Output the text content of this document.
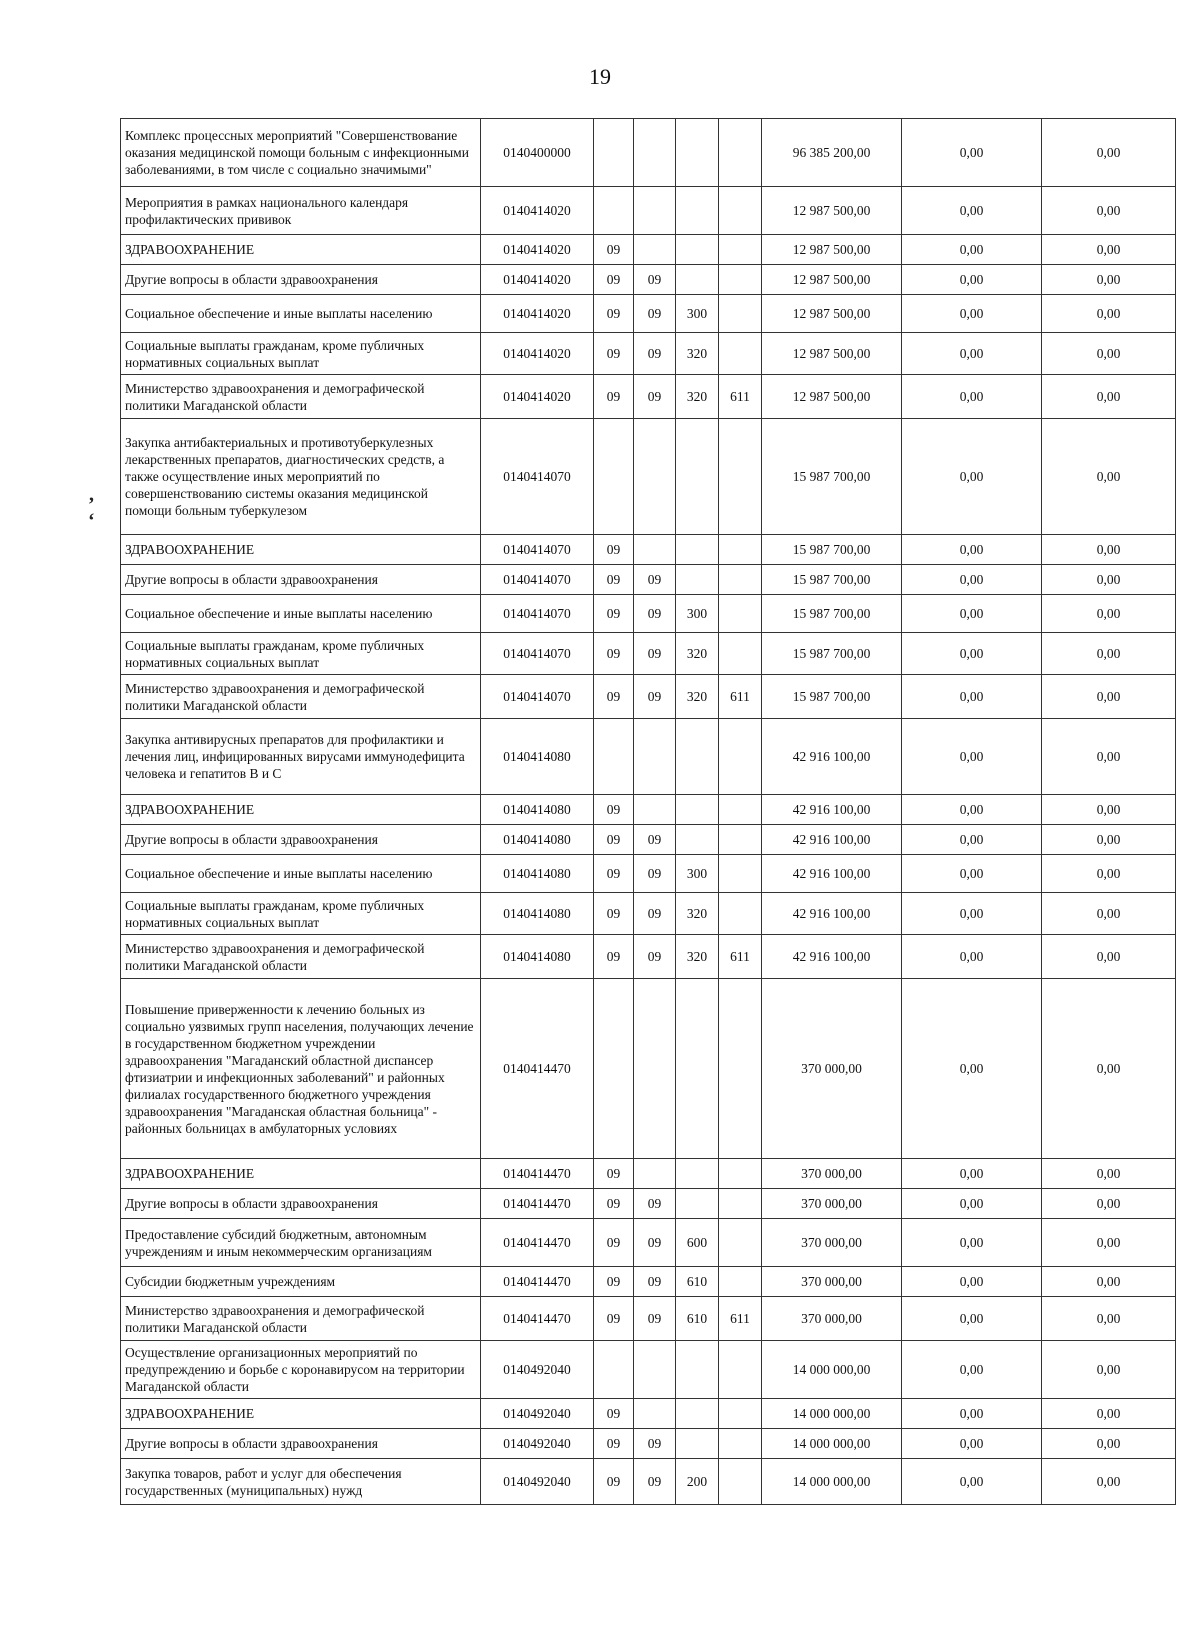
19
ʼ
ʻ
Комплекс процессных мероприятий "Совершенствование оказания медицинской помощи больным с инфекционными заболеваниями, в том числе с социально значимыми"	0140400000					96 385 200,00	0,00	0,00
Мероприятия в рамках национального календаря профилактических прививок	0140414020					12 987 500,00	0,00	0,00
ЗДРАВООХРАНЕНИЕ	0140414020	09				12 987 500,00	0,00	0,00
Другие вопросы в области здравоохранения	0140414020	09	09			12 987 500,00	0,00	0,00
Социальное обеспечение и иные выплаты населению	0140414020	09	09	300		12 987 500,00	0,00	0,00
Социальные выплаты гражданам, кроме публичных нормативных социальных выплат	0140414020	09	09	320		12 987 500,00	0,00	0,00
Министерство здравоохранения и демографической политики Магаданской области	0140414020	09	09	320	611	12 987 500,00	0,00	0,00
Закупка антибактериальных и противотуберкулезных лекарственных препаратов, диагностических средств, а также осуществление иных мероприятий по совершенствованию системы оказания медицинской помощи больным туберкулезом	0140414070					15 987 700,00	0,00	0,00
ЗДРАВООХРАНЕНИЕ	0140414070	09				15 987 700,00	0,00	0,00
Другие вопросы в области здравоохранения	0140414070	09	09			15 987 700,00	0,00	0,00
Социальное обеспечение и иные выплаты населению	0140414070	09	09	300		15 987 700,00	0,00	0,00
Социальные выплаты гражданам, кроме публичных нормативных социальных выплат	0140414070	09	09	320		15 987 700,00	0,00	0,00
Министерство здравоохранения и демографической политики Магаданской области	0140414070	09	09	320	611	15 987 700,00	0,00	0,00
Закупка антивирусных препаратов для профилактики и лечения лиц, инфицированных вирусами иммунодефицита человека и гепатитов В и С	0140414080					42 916 100,00	0,00	0,00
ЗДРАВООХРАНЕНИЕ	0140414080	09				42 916 100,00	0,00	0,00
Другие вопросы в области здравоохранения	0140414080	09	09			42 916 100,00	0,00	0,00
Социальное обеспечение и иные выплаты населению	0140414080	09	09	300		42 916 100,00	0,00	0,00
Социальные выплаты гражданам, кроме публичных нормативных социальных выплат	0140414080	09	09	320		42 916 100,00	0,00	0,00
Министерство здравоохранения и демографической политики Магаданской области	0140414080	09	09	320	611	42 916 100,00	0,00	0,00
Повышение приверженности к лечению больных из социально уязвимых групп населения, получающих лечение в государственном бюджетном учреждении здравоохранения "Магаданский областной диспансер фтизиатрии и инфекционных заболеваний" и районных филиалах государственного бюджетного учреждения здравоохранения "Магаданская областная больница" - районных больницах в амбулаторных условиях	0140414470					370 000,00	0,00	0,00
ЗДРАВООХРАНЕНИЕ	0140414470	09				370 000,00	0,00	0,00
Другие вопросы в области здравоохранения	0140414470	09	09			370 000,00	0,00	0,00
Предоставление субсидий бюджетным, автономным учреждениям и иным некоммерческим организациям	0140414470	09	09	600		370 000,00	0,00	0,00
Субсидии бюджетным учреждениям	0140414470	09	09	610		370 000,00	0,00	0,00
Министерство здравоохранения и демографической политики Магаданской области	0140414470	09	09	610	611	370 000,00	0,00	0,00
Осуществление организационных мероприятий по предупреждению и борьбе с коронавирусом на территории Магаданской области	0140492040					14 000 000,00	0,00	0,00
ЗДРАВООХРАНЕНИЕ	0140492040	09				14 000 000,00	0,00	0,00
Другие вопросы в области здравоохранения	0140492040	09	09			14 000 000,00	0,00	0,00
Закупка товаров, работ и услуг для обеспечения государственных (муниципальных) нужд	0140492040	09	09	200		14 000 000,00	0,00	0,00
